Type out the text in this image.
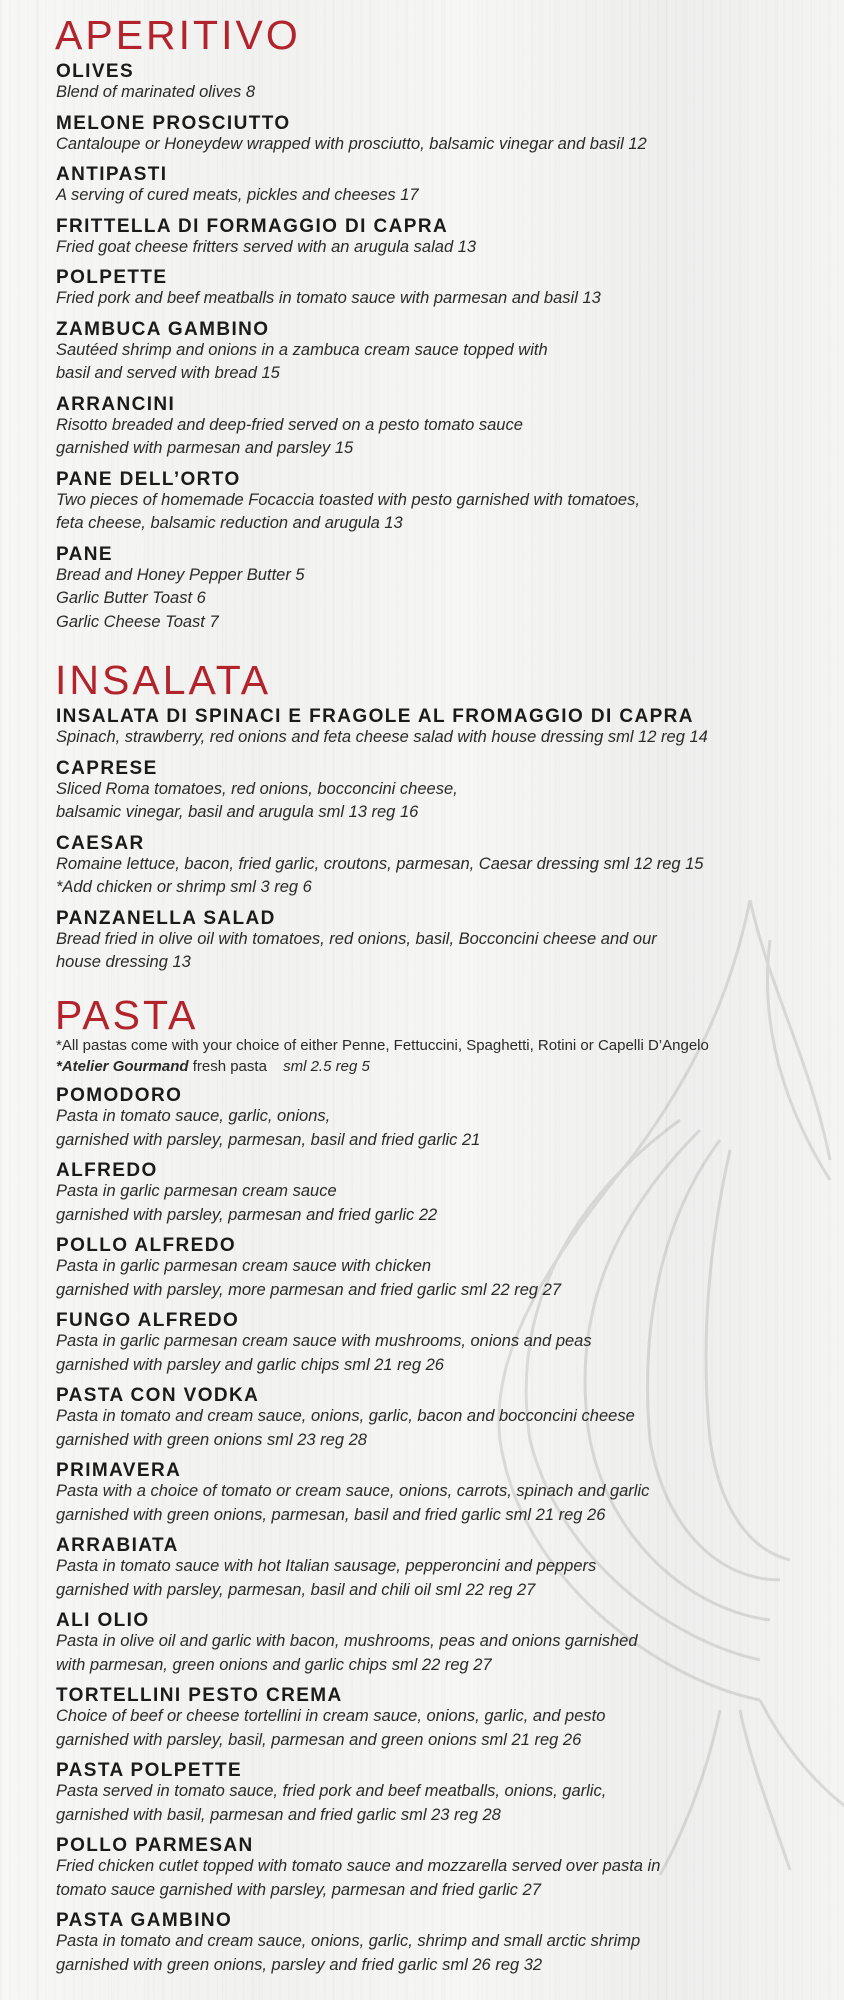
APERITIVO
OLIVES

Blend of marinated olives 8

MELONE PROSCIUTTO

Cantaloupe or Honeydew wrapped with prosciutto, balsamic vinegar and basil 12

ANTIPASTI

A serving of cured meats, pickles and cheeses 17

FRITTELLA DI FORMAGGIO DI CAPRA

Fried goat cheese fritters served with an arugula salad 13

POLPETTE

Fried pork and beef meatballs in tomato sauce with parmesan and basil 13

ZAMBUCA GAMBINO

Sautéed shrimp and onions in a zambuca cream sauce topped with

basil and served with bread 15

ARRANCINI

Risotto breaded and deep-fried served on a pesto tomato sauce

garnished with parmesan and parsley 15

PANE DELL’ORTO

Two pieces of homemade Focaccia toasted with pesto garnished with tomatoes,

feta cheese, balsamic reduction and arugula 13

PANE

Bread and Honey Pepper Butter 5

Garlic Butter Toast 6

Garlic Cheese Toast 7

INSALATA
INSALATA DI SPINACI E FRAGOLE AL FROMAGGIO DI CAPRA

Spinach, strawberry, red onions and feta cheese salad with house dressing sml 12 reg 14

CAPRESE

Sliced Roma tomatoes, red onions, bocconcini cheese,

balsamic vinegar, basil and arugula sml 13 reg 16

CAESAR

Romaine lettuce, bacon, fried garlic, croutons, parmesan, Caesar dressing sml 12 reg 15

*Add chicken or shrimp sml 3 reg 6

PANZANELLA SALAD

Bread fried in olive oil with tomatoes, red onions, basil, Bocconcini cheese and our

house dressing 13

PASTA

*All pastas come with your choice of either Penne, Fettuccini, Spaghetti, Rotini or Capelli D’Angelo

*Atelier Gourmand fresh pasta sml 2.5 reg 5

POMODORO

Pasta in tomato sauce, garlic, onions,

garnished with parsley, parmesan, basil and fried garlic 21

ALFREDO

Pasta in garlic parmesan cream sauce

garnished with parsley, parmesan and fried garlic 22

POLLO ALFREDO

Pasta in garlic parmesan cream sauce with chicken

garnished with parsley, more parmesan and fried garlic sml 22 reg 27

FUNGO ALFREDO

Pasta in garlic parmesan cream sauce with mushrooms, onions and peas

garnished with parsley and garlic chips sml 21 reg 26

PASTA CON VODKA

Pasta in tomato and cream sauce, onions, garlic, bacon and bocconcini cheese

garnished with green onions sml 23 reg 28

PRIMAVERA

Pasta with a choice of tomato or cream sauce, onions, carrots, spinach and garlic

garnished with green onions, parmesan, basil and fried garlic sml 21 reg 26

ARRABIATA

Pasta in tomato sauce with hot Italian sausage, pepperoncini and peppers

garnished with parsley, parmesan, basil and chili oil sml 22 reg 27

ALI OLIO

Pasta in olive oil and garlic with bacon, mushrooms, peas and onions garnished

with parmesan, green onions and garlic chips sml 22 reg 27

TORTELLINI PESTO CREMA

Choice of beef or cheese tortellini in cream sauce, onions, garlic, and pesto

garnished with parsley, basil, parmesan and green onions sml 21 reg 26

PASTA POLPETTE

Pasta served in tomato sauce, fried pork and beef meatballs, onions, garlic,

garnished with basil, parmesan and fried garlic sml 23 reg 28

POLLO PARMESAN

Fried chicken cutlet topped with tomato sauce and mozzarella served over pasta in

tomato sauce garnished with parsley, parmesan and fried garlic 27

PASTA GAMBINO

Pasta in tomato and cream sauce, onions, garlic, shrimp and small arctic shrimp

garnished with green onions, parsley and fried garlic sml 26 reg 32
